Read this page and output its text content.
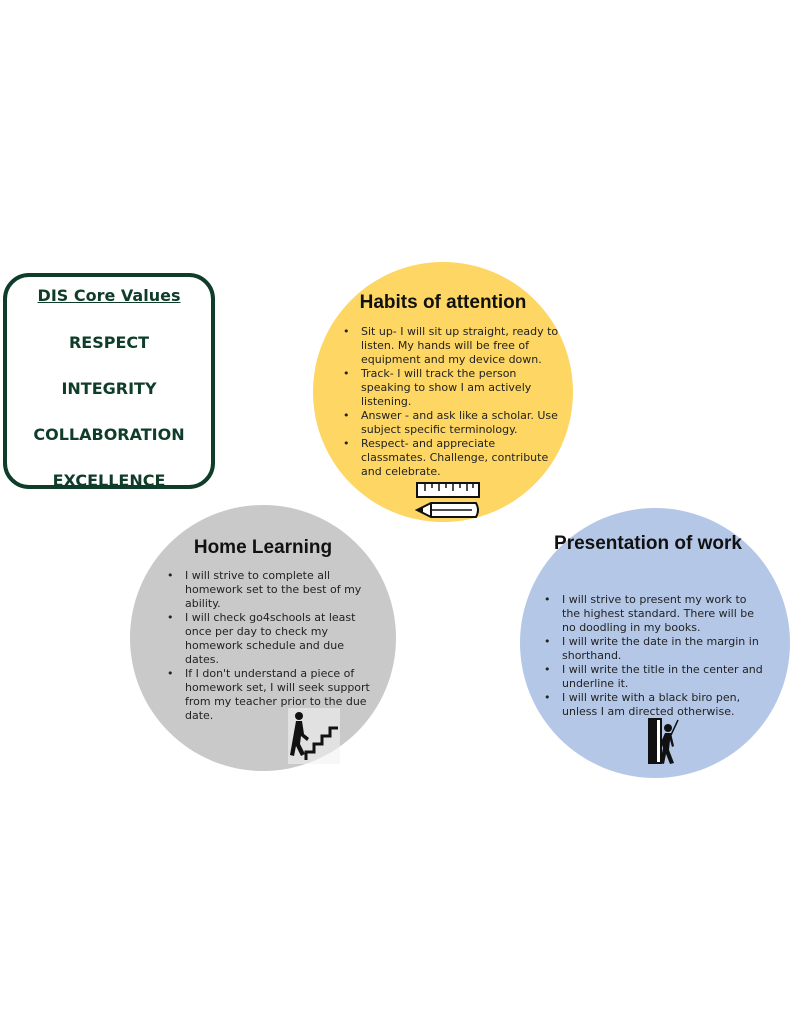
DIS Core Values
RESPECT
INTEGRITY
COLLABORATION
EXCELLENCE
Habits of attention
• Sit up- I will sit up straight, ready to listen. My hands will be free of equipment and my device down.
• Track- I will track the person speaking to show I am actively listening.
• Answer - and ask like a scholar. Use subject specific terminology.
• Respect- and appreciate classmates. Challenge, contribute and celebrate.
Home Learning
• I will strive to complete all homework set to the best of my ability.
• I will check go4schools at least once per day to check my homework schedule and due dates.
• If I don't understand a piece of homework set, I will seek support from my teacher prior to the due date.
Presentation of work
• I will strive to present my work to the highest standard. There will be no doodling in my books.
• I will write the date in the margin in shorthand.
• I will write the title in the center and underline it.
• I will write with a black biro pen, unless I am directed otherwise.
